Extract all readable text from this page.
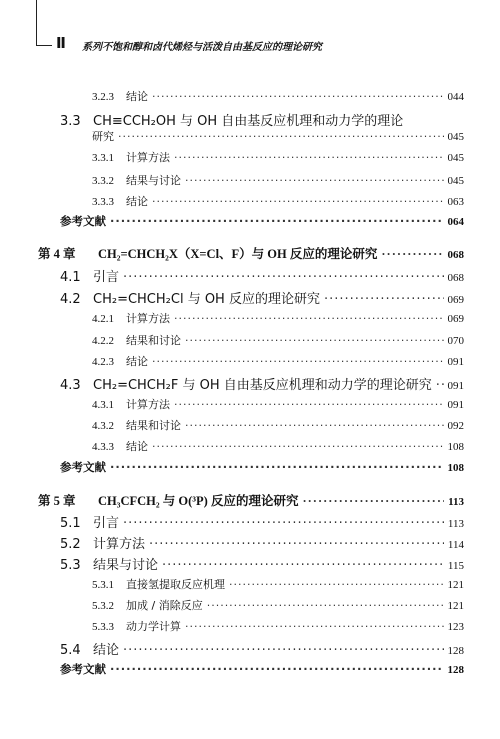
Ⅱ 系列不饱和醇和卤代烯烃与活泼自由基反应的理论研究
3.2.3	结论 ·····	044
3.3 CH≡CCH₂OH 与 OH 自由基反应机理和动力学的理论
研究 ·····	045
3.3.1	计算方法 ·····	045
3.3.2	结果与讨论 ·····	045
3.3.3	结论 ·····	063
参考文献 ·····	064
第 4 章	CH₂=CHCH₂X（X=Cl、F）与 OH 反应的理论研究 ·····	068
4.1 引言 ·····	068
4.2 CH₂=CHCH₂Cl 与 OH 反应的理论研究 ·····	069
4.2.1	计算方法 ·····	069
4.2.2	结果和讨论 ·····	070
4.2.3	结论 ·····	091
4.3 CH₂=CHCH₂F 与 OH 自由基反应机理和动力学的理论研究 ····· 091
4.3.1	计算方法 ·····	091
4.3.2	结果和讨论 ·····	092
4.3.3	结论 ·····	108
参考文献 ·····	108
第 5 章	CH₃CFCH₂ 与 O(³P) 反应的理论研究 ·····	113
5.1 引言 ·····	113
5.2 计算方法 ·····	114
5.3 结果与讨论 ·····	115
5.3.1	直接氢提取反应机理 ·····	121
5.3.2	加成 / 消除反应 ·····	121
5.3.3	动力学计算 ·····	123
5.4 结论 ·····	128
参考文献 ·····	128
